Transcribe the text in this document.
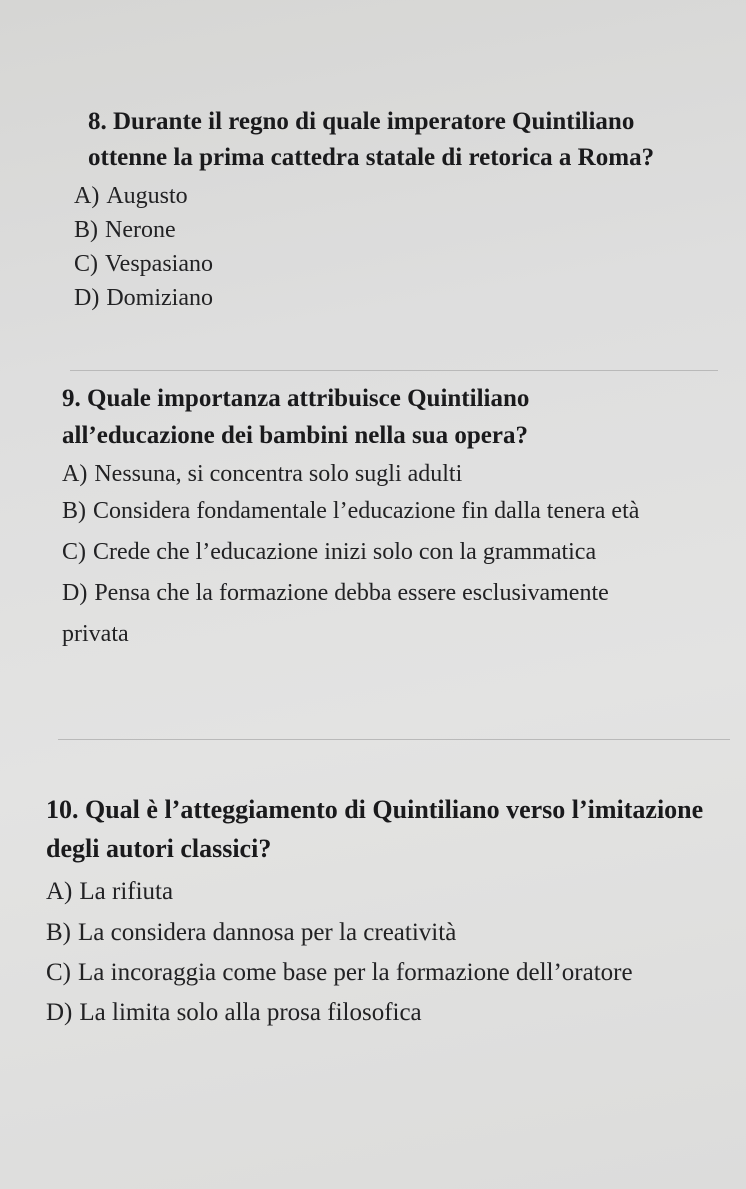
8. Durante il regno di quale imperatore Quintiliano ottenne la prima cattedra statale di retorica a Roma?

A) Augusto

B) Nerone

C) Vespasiano

D) Domiziano

9. Quale importanza attribuisce Quintiliano all’educazione dei bambini nella sua opera?

A) Nessuna, si concentra solo sugli adulti

B) Considera fondamentale l’educazione fin dalla tenera età

C) Crede che l’educazione inizi solo con la grammatica

D) Pensa che la formazione debba essere esclusivamente privata

10. Qual è l’atteggiamento di Quintiliano verso l’imitazione degli autori classici?

A) La rifiuta

B) La considera dannosa per la creatività

C) La incoraggia come base per la formazione dell’oratore

D) La limita solo alla prosa filosofica
